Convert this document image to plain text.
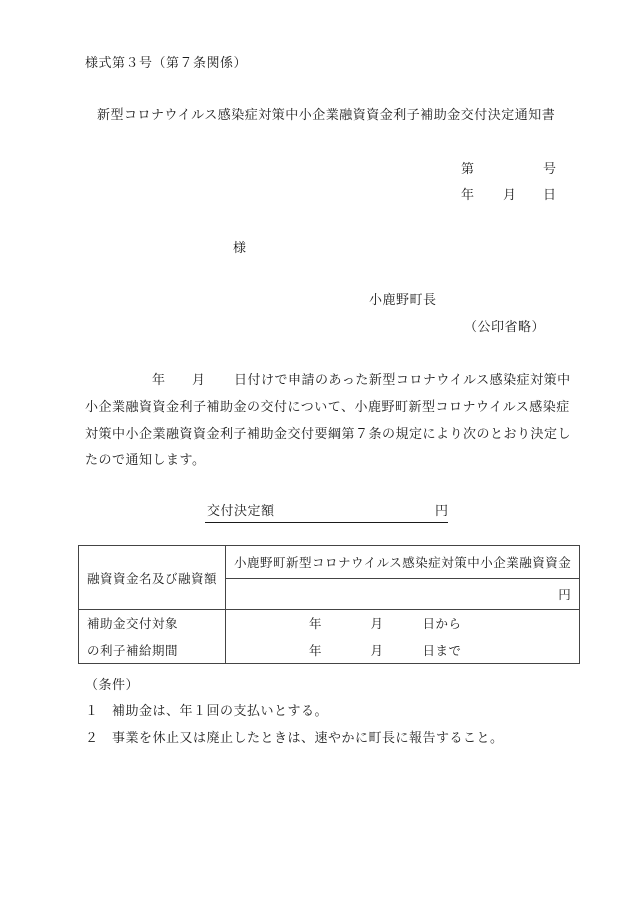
様式第３号（第７条関係）
新型コロナウイルス感染症対策中小企業融資資金利子補助金交付決定通知書
第	号
年 月 日
様
小鹿野町長
（公印省略）
年 月 日付けで申請のあった新型コロナウイルス感染症対策中
小企業融資資金利子補助金の交付について、小鹿野町新型コロナウイルス感染症
対策中小企業融資資金利子補助金交付要綱第７条の規定により次のとおり決定し
たので通知します。
交付決定額	円
融資資金名及び融資額	小鹿野町新型コロナウイルス感染症対策中小企業融資資金
	円
補助金交付対象	年 月 日から
の利子補給期間	年 月 日まで
（条件）
１ 補助金は、年１回の支払いとする。
２ 事業を休止又は廃止したときは、速やかに町長に報告すること。
